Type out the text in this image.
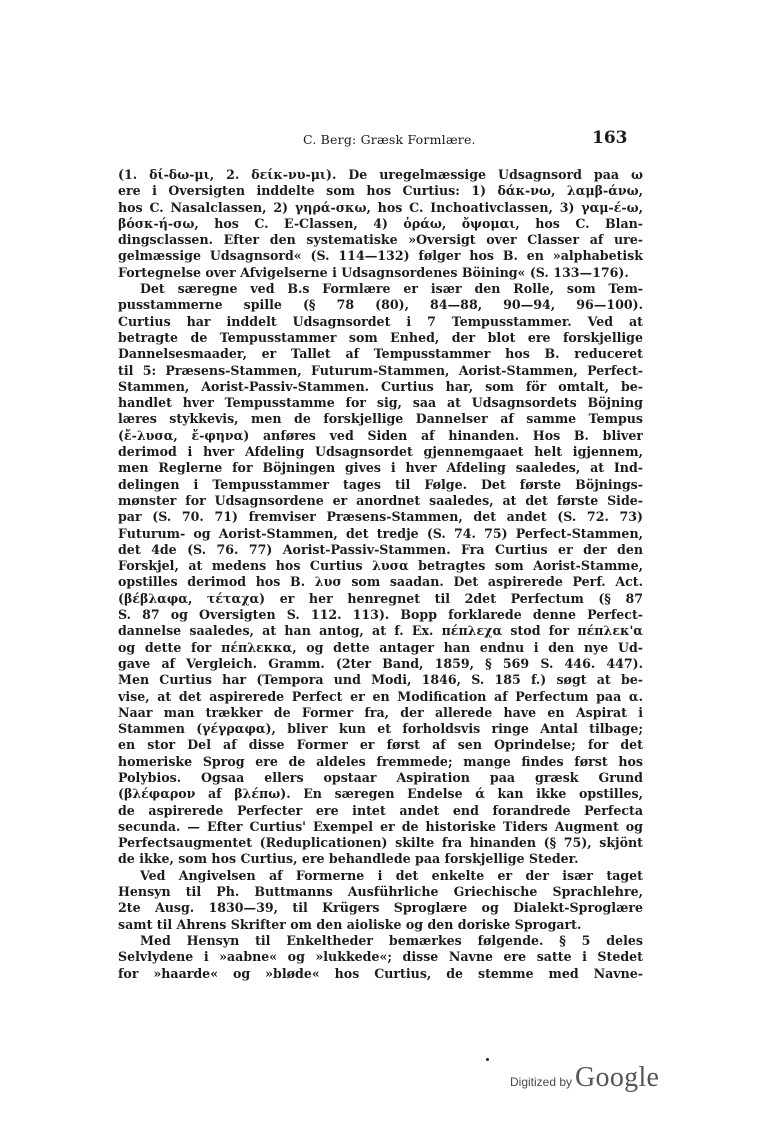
C. Berg: Græsk Formlære.	163
(1. δί-δω-μι, 2. δείκ-νυ-μι). De uregelmæssige Udsagnsord paa ω
ere i Oversigten inddelte som hos Curtius: 1) δάκ-νω, λαμβ-άνω,
hos C. Nasalclassen, 2) γηρά-σκω, hos C. Inchoativclassen, 3) γαμ-έ-ω,
βόσκ-ή-σω, hos C. E-Classen, 4) ὁράω, ὄψομαι, hos C. Blan-
dingsclassen. Efter den systematiske »Oversigt over Classer af ure-
gelmæssige Udsagnsord« (S. 114—132) følger hos B. en »alphabetisk
Fortegnelse over Afvigelserne i Udsagnsordenes Böining« (S. 133—176).
Det særegne ved B.s Formlære er især den Rolle, som Tem-
pusstammerne spille (§ 78 (80), 84—88, 90—94, 96—100).
Curtius har inddelt Udsagnsordet i 7 Tempusstammer. Ved at
betragte de Tempusstammer som Enhed, der blot ere forskjellige
Dannelsesmaader, er Tallet af Tempusstammer hos B. reduceret
til 5: Præsens-Stammen, Futurum-Stammen, Aorist-Stammen, Perfect-
Stammen, Aorist-Passiv-Stammen. Curtius har, som för omtalt, be-
handlet hver Tempusstamme for sig, saa at Udsagnsordets Böjning
læres stykkevis, men de forskjellige Dannelser af samme Tempus
(ἔ-λυσα, ἔ-φηνα) anføres ved Siden af hinanden. Hos B. bliver
derimod i hver Afdeling Udsagnsordet gjennemgaaet helt igjennem,
men Reglerne for Böjningen gives i hver Afdeling saaledes, at Ind-
delingen i Tempusstammer tages til Følge. Det første Böjnings-
mønster for Udsagnsordene er anordnet saaledes, at det første Side-
par (S. 70. 71) fremviser Præsens-Stammen, det andet (S. 72. 73)
Futurum- og Aorist-Stammen, det tredje (S. 74. 75) Perfect-Stammen,
det 4de (S. 76. 77) Aorist-Passiv-Stammen. Fra Curtius er der den
Forskjel, at medens hos Curtius λυσα betragtes som Aorist-Stamme,
opstilles derimod hos B. λυσ som saadan. Det aspirerede Perf. Act.
(βέβλαφα, τέταχα) er her henregnet til 2det Perfectum (§ 87
S. 87 og Oversigten S. 112. 113). Bopp forklarede denne Perfect-
dannelse saaledes, at han antog, at f. Ex. πέπλεχα stod for πέπλεκ'α
og dette for πέπλεκκα, og dette antager han endnu i den nye Ud-
gave af Vergleich. Gramm. (2ter Band, 1859, § 569 S. 446. 447).
Men Curtius har (Tempora und Modi, 1846, S. 185 f.) søgt at be-
vise, at det aspirerede Perfect er en Modification af Perfectum paa α.
Naar man trækker de Former fra, der allerede have en Aspirat i
Stammen (γέγραφα), bliver kun et forholdsvis ringe Antal tilbage;
en stor Del af disse Former er først af sen Oprindelse; for det
homeriske Sprog ere de aldeles fremmede; mange findes først hos
Polybios. Ogsaa ellers opstaar Aspiration paa græsk Grund
(βλέφαρον af βλέπω). En særegen Endelse ά kan ikke opstilles,
de aspirerede Perfecter ere intet andet end forandrede Perfecta
secunda. — Efter Curtius' Exempel er de historiske Tiders Augment og
Perfectsaugmentet (Reduplicationen) skilte fra hinanden (§ 75), skjönt
de ikke, som hos Curtius, ere behandlede paa forskjellige Steder.
Ved Angivelsen af Formerne i det enkelte er der især taget
Hensyn til Ph. Buttmanns Ausführliche Griechische Sprachlehre,
2te Ausg. 1830—39, til Krügers Sproglære og Dialekt-Sproglære
samt til Ahrens Skrifter om den aioliske og den doriske Sprogart.
Med Hensyn til Enkeltheder bemærkes følgende. § 5 deles
Selvlydene i »aabne« og »lukkede«; disse Navne ere satte i Stedet
for »haarde« og »bløde« hos Curtius, de stemme med Navne-
Digitized by Google
